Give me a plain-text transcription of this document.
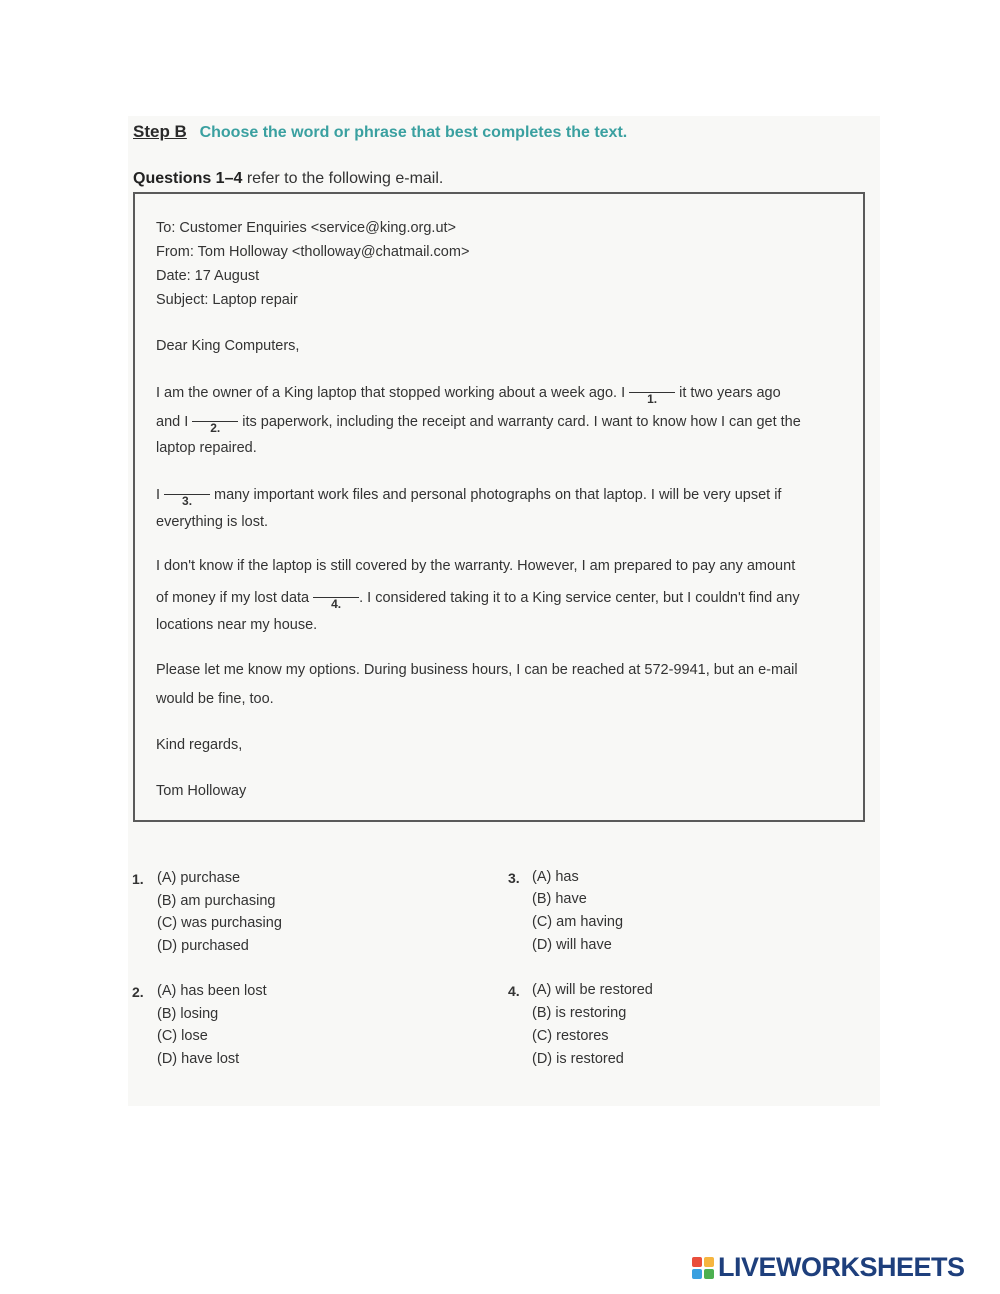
Step B Choose the word or phrase that best completes the text.
Questions 1–4 refer to the following e-mail.
To: Customer Enquiries <service@king.org.ut>
From: Tom Holloway <tholloway@chatmail.com>
Date: 17 August
Subject: Laptop repair
Dear King Computers,
I am the owner of a King laptop that stopped working about a week ago. I 1. it two years ago
and I 2. its paperwork, including the receipt and warranty card. I want to know how I can get the
laptop repaired.
I 3. many important work files and personal photographs on that laptop. I will be very upset if
everything is lost.
I don't know if the laptop is still covered by the warranty. However, I am prepared to pay any amount
of money if my lost data 4. . I considered taking it to a King service center, but I couldn't find any
locations near my house.
Please let me know my options. During business hours, I can be reached at 572-9941, but an e-mail
would be fine, too.
Kind regards,
Tom Holloway
1. (A) purchase
(B) am purchasing
(C) was purchasing
(D) purchased
2. (A) has been lost
(B) losing
(C) lose
(D) have lost
3. (A) has
(B) have
(C) am having
(D) will have
4. (A) will be restored
(B) is restoring
(C) restores
(D) is restored
LIVEWORKSHEETS
